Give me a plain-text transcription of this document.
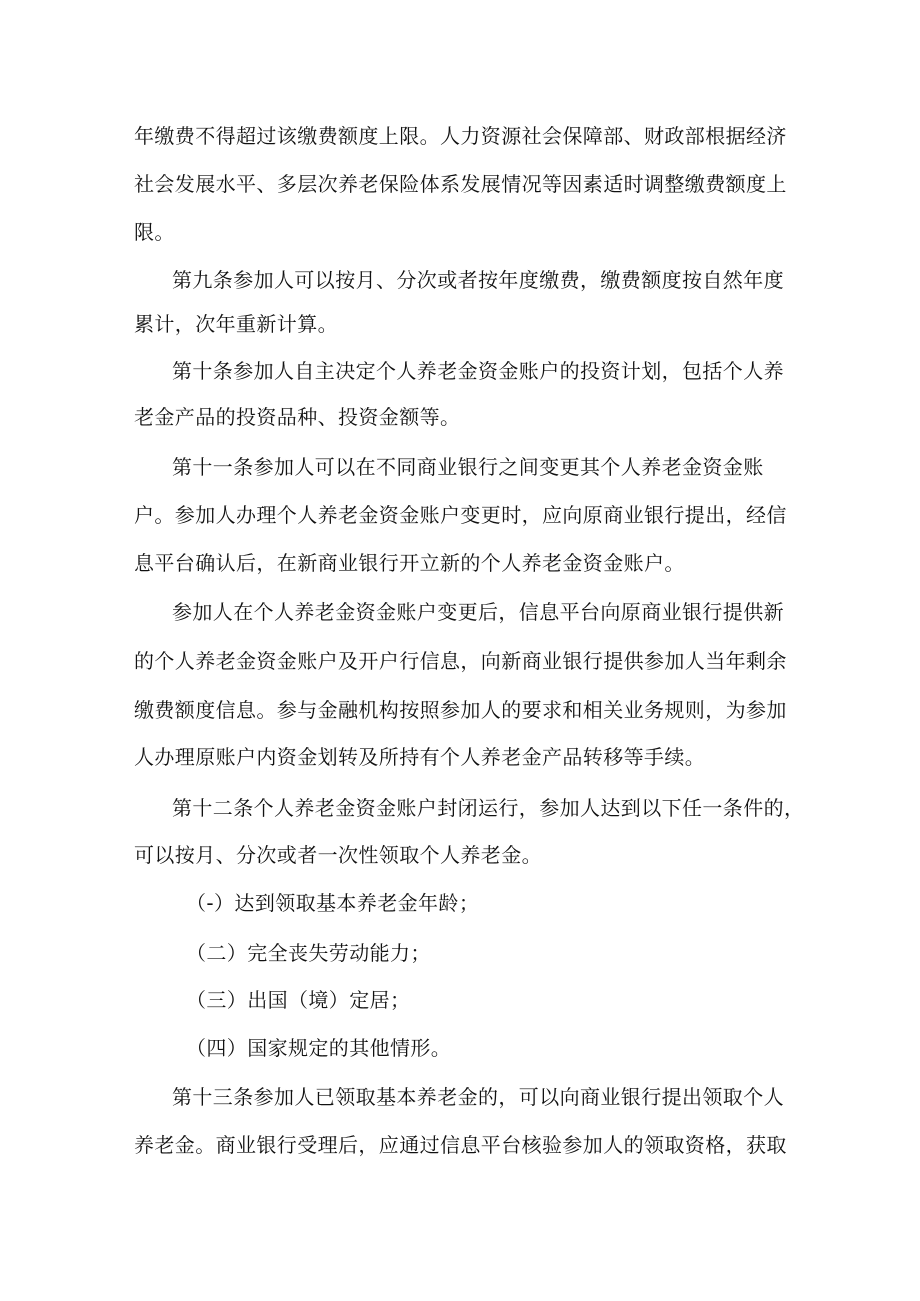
年缴费不得超过该缴费额度上限。人力资源社会保障部、财政部根据经济
社会发展水平、多层次养老保险体系发展情况等因素适时调整缴费额度上
限。
第九条参加人可以按月、分次或者按年度缴费，缴费额度按自然年度
累计，次年重新计算。
第十条参加人自主决定个人养老金资金账户的投资计划，包括个人养
老金产品的投资品种、投资金额等。
第十一条参加人可以在不同商业银行之间变更其个人养老金资金账
户。参加人办理个人养老金资金账户变更时，应向原商业银行提出，经信
息平台确认后，在新商业银行开立新的个人养老金资金账户。
参加人在个人养老金资金账户变更后，信息平台向原商业银行提供新
的个人养老金资金账户及开户行信息，向新商业银行提供参加人当年剩余
缴费额度信息。参与金融机构按照参加人的要求和相关业务规则，为参加
人办理原账户内资金划转及所持有个人养老金产品转移等手续。
第十二条个人养老金资金账户封闭运行，参加人达到以下任一条件的，
可以按月、分次或者一次性领取个人养老金。
（-）达到领取基本养老金年龄；
（二）完全丧失劳动能力；
（三）出国（境）定居；
（四）国家规定的其他情形。
第十三条参加人已领取基本养老金的，可以向商业银行提出领取个人
养老金。商业银行受理后，应通过信息平台核验参加人的领取资格，获取
